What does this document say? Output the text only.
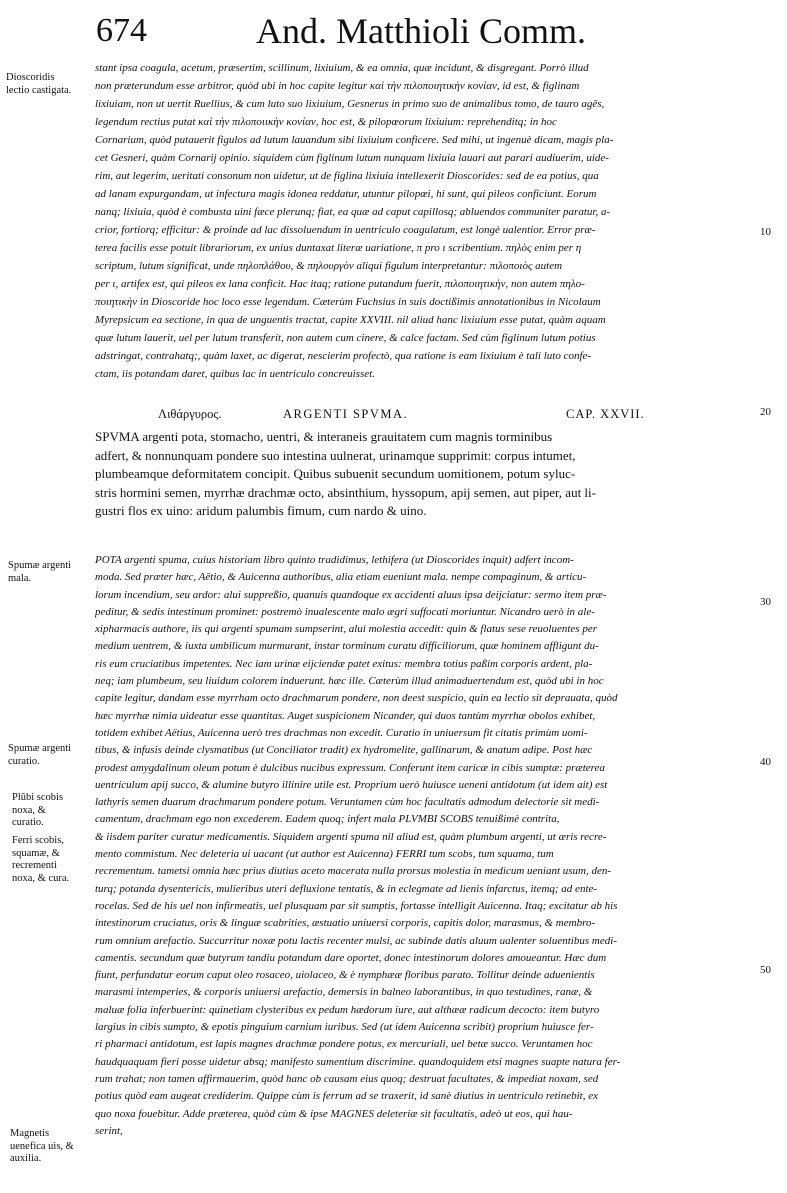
674	And. Matthioli Comm.
Dioscoridis lectio castigata.
Spumæ argenti mala.
Spumæ argenti curatio.
Plũbi scobis noxa, & curatio.
Ferri scobis, squamæ, & recrementi noxa, & cura.
Magnetis uenefica uis, & auxilia.
10
20
30
40
50
stant ipsa coagula, acetum, præsertim, scillinum, lixiuium, & ea omnia, quæ incidunt, & disgregant. Porrò illud
non præterundum esse arbitror, quòd ubi in hoc capite legitur καὶ τὴν πιλοποιητικὴν κονίαν, id est, & figlinam
lixiuiam, non ut uertit Ruellius, & cum luto suo lixiuium, Gesnerus in primo suo de animalibus tomo, de tauro agēs,
legendum rectius putat καὶ τὴν πιλοποιικὴν κονίαν, hoc est, & pilopœorum lixiuium: reprehenditq; in hoc
Cornarium, quòd putauerit figulos ad lutum lauandum sibi lixiuium conficere. Sed mihi, ut ingenuè dicam, magis pla-
cet Gesneri, quàm Cornarij opinio. siquidem cùm figlinum lutum nunquam lixiuia lauari aut parari audiuerim, uide-
rim, aut legerim, ueritati consonum non uidetur, ut de figlina lixiuia intellexerit Dioscorides: sed de ea potius, qua
ad lanam expurgandam, ut infectura magis idonea reddatur, utuntur pilopœi, hi sunt, qui pileos conficiunt. Eorum
nanq; lixiuia, quòd è combusta uini fæce plerunq; fiat, ea quæ ad caput capillosq; abluendos communiter paratur, a-
crior, fortiorq; efficitur: & proinde ad lac dissoluendum in uentriculo coagulatum, est longè ualentior. Error præ-
terea facilis esse potuit librariorum, ex unius duntaxat literæ uariatione, π pro ι scribentium. πηλὸς enim per η
scriptum, lutum significat, unde πηλοπλάθου, & πηλουργὸν aliqui figulum interpretantur: πιλοποιὸς autem
per ι, artifex est, qui pileos ex lana conficit. Hac itaq; ratione putandum fuerit, πιλοποιητικὴν, non autem πηλο-
ποιητικὴν in Dioscoride hoc loco esse legendum. Cæterùm Fuchsius in suis doctißimis annotationibus in Nicolaum
Myrepsicum ea sectione, in qua de unguentis tractat, capite XXVIII. nil aliud hanc lixiuium esse putat, quàm aquam
quæ lutum lauerit, uel per lutum transferit, non autem cum cinere, & calce factam. Sed cùm figlinum lutum potius
adstringat, contrahatq;, quàm laxet, ac digerat, nescierim profectò, qua ratione is eam lixiuium è tali luto confe-
ctam, iis potandam daret, quibus lac in uentriculo concreuisset.
Λιθάργυρος.	ARGENTI SPVMA.	CAP. XXVII.
SPVMA argenti pota, stomacho, uentri, & interaneis grauitatem cum magnis torminibus
adfert, & nonnunquam pondere suo intestina uulnerat, urinamque supprimit: corpus intumet,
plumbeamque deformitatem concipit. Quibus subuenit secundum uomitionem, potum syluc-
stris hormini semen, myrrhæ drachmæ octo, absinthium, hyssopum, apij semen, aut piper, aut li-
gustri flos ex uino: aridum palumbis fimum, cum nardo & uino.
POTA argenti spuma, cuius historiam libro quinto tradidimus, lethifera (ut Dioscorides inquit) adfert incom-
moda. Sed præter hæc, Aëtio, & Auicenna authoribus, alia etiam eueniunt mala. nempe compaginum, & articu-
lorum incendium, seu ardor: alui suppreßio, quanuis quandoque ex accidenti aluus ipsa deijciatur: sermo item præ-
peditur, & sedis intestinum prominet: postremò inualescente malo ægri suffocati moriuntur. Nicandro uerò in ale-
xipharmacis authore, iis qui argenti spumam sumpserint, alui molestia accedit: quin & flatus sese reuoluentes per
medium uentrem, & iuxta umbilicum murmurant, instar torminum curatu difficiliorum, quæ hominem affligunt du-
ris eum cruciatibus impetentes. Nec iam urinæ eijciendæ patet exitus: membra totius paßim corporis ardent, pla-
neq; iam plumbeum, seu liuidum colorem induerunt. hæc ille. Cæterùm illud animaduertendum est, quòd ubi in hoc
capite legitur, dandam esse myrrham octo drachmarum pondere, non deest suspicio, quin ea lectio sit deprauata, quòd
hæc myrrhæ nimia uideatur esse quantitas. Auget suspicionem Nicander, qui duos tantùm myrrhæ obolos exhibet,
totidem exhibet Aëtius, Auicenna uerò tres drachmas non excedit. Curatio in uniuersum fit citatis primùm uomi-
tibus, & infusis deinde clysmatibus (ut Conciliator tradit) ex hydromelite, gallinarum, & anatum adipe. Post hæc
prodest amygdalinum oleum potum è dulcibus nucibus expressum. Conferunt item caricæ in cibis sumptæ: præterea
uentriculum apij succo, & alumine butyro illinire utile est. Proprium uerò huiusce ueneni antidotum (ut idem ait) est
lathyris semen duarum drachmarum pondere potum. Veruntamen cùm hoc facultatis admodum delectorie sit medi-
camentum, drachmam ego non excederem. Eadem quoq; infert mala PLVMBI SCOBS tenuißimè contrita,
& iisdem pariter curatur medicamentis. Siquidem argenti spuma nil aliud est, quàm plumbum argenti, ut æris recre-
mento commistum. Nec deleteria ui uacant (ut author est Auicenna) FERRI tum scobs, tum squama, tum
recrementum. tametsi omnia hæc prius diutius aceto macerata nulla prorsus molestia in medicum ueniant usum, den-
turq; potanda dysentericis, mulieribus uteri defluxione tentatis, & in eclegmate ad lienis infarctus, itemq; ad ente-
rocelas. Sed de his uel non infirmeatis, uel plusquam par sit sumptis, fortasse intelligit Auicenna. Itaq; excitatur ab his
intestinorum cruciatus, oris & linguæ scabrities, æstuatio uniuersi corporis, capitis dolor, marasmus, & membro-
rum omnium arefactio. Succurritur noxæ potu lactis recenter mulsi, ac subinde datis aluum ualenter soluentibus medi-
camentis. secundum quæ butyrum tandiu potandum dare oportet, donec intestinorum dolores amoueantur. Hæc dum
fiunt, perfundatur eorum caput oleo rosaceo, uiolaceo, & è nymphææ floribus parato. Tollitur deinde aduenientis
marasmi intemperies, & corporis uniuersi arefactio, demersis in balneo laborantibus, in quo testudines, ranæ, &
maluæ folia inferbuerint: quinetiam clysteribus ex pedum hædorum iure, aut althææ radicum decocto: item butyro
largius in cibis sumpto, & epotis pinguium carnium iuribus. Sed (ut idem Auicenna scribit) proprium huiusce fer-
ri pharmaci antidotum, est lapis magnes drachmæ pondere potus, ex mercuriali, uel betæ succo. Veruntamen hoc
haudquaquam fieri posse uidetur absq; manifesto sumentium discrimine. quandoquidem etsi magnes suapte natura fer-
rum trahat; non tamen affirmauerim, quòd hanc ob causam eius quoq; destruat facultates, & impediat noxam, sed
potius quòd eam augeat crediderim. Quippe cùm is ferrum ad se traxerit, id sanè diutius in uentriculo retinebit, ex
quo noxa fouebitur. Adde præterea, quòd cùm & ipse MAGNES deleteriæ sit facultatis, adeò ut eos, qui hau-
serint,
